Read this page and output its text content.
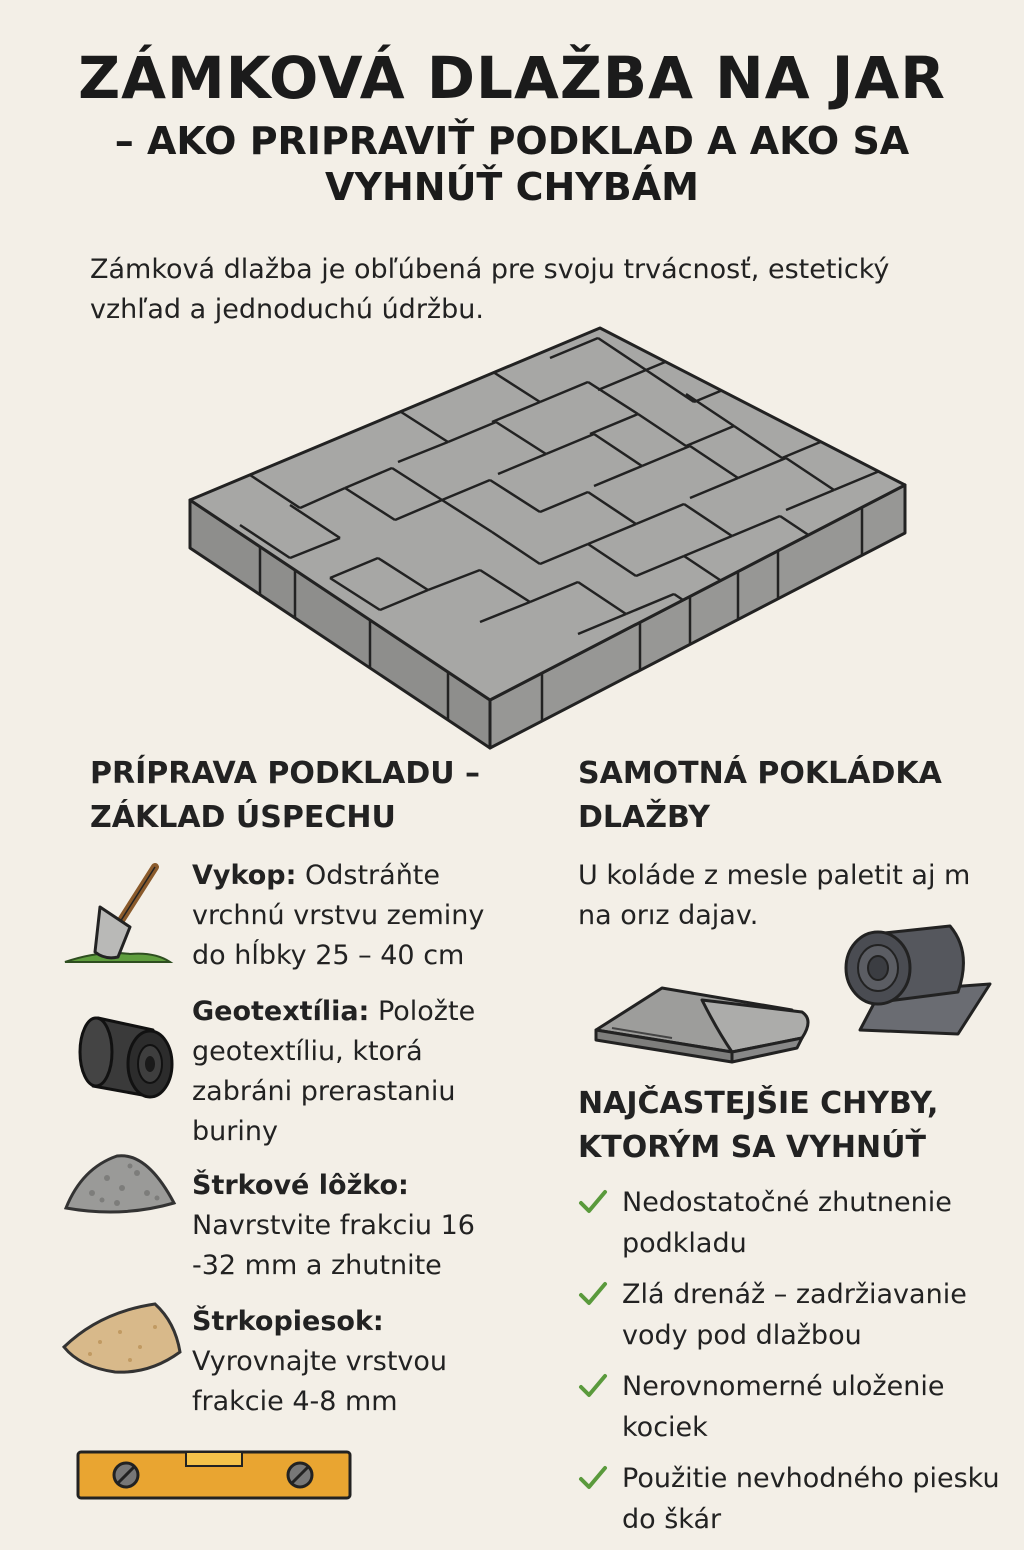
ZÁMKOVÁ DLAŽBA NA JAR
– AKO PRIPRAVIŤ PODKLAD A AKO SA VYHNÚŤ CHYBÁM

Zámková dlažba je obľúbená pre svoju trvácnosť, estetický vzhľad a jednoduchú údržbu.

PRÍPRAVA PODKLADU –
ZÁKLAD ÚSPECHU
Vykop: Odstráňte vrchnú vrstvu zeminy do hĺbky 25 – 40 cm
Geotextília: Položte geotextíliu, ktorá zabráni prerastaniu buriny
Štrkové lôžko:
Navrstvite frakciu 16 -32 mm a zhutnite
Štrkopiesok:
Vyrovnajte vrstvou frakcie 4-8 mm
SAMOTNÁ POKLÁDKA
DLAŽBY

U koláde z mesle paletit aj m na orız dajav.

NAJČASTEJŠIE CHYBY,
KTORÝM SA VYHNÚŤ
Nedostatočné zhutnenie podkladu
Zlá drenáž – zadržiavanie vody pod dlažbou
Nerovnomerné uloženie kociek
Použitie nevhodného piesku do škár
